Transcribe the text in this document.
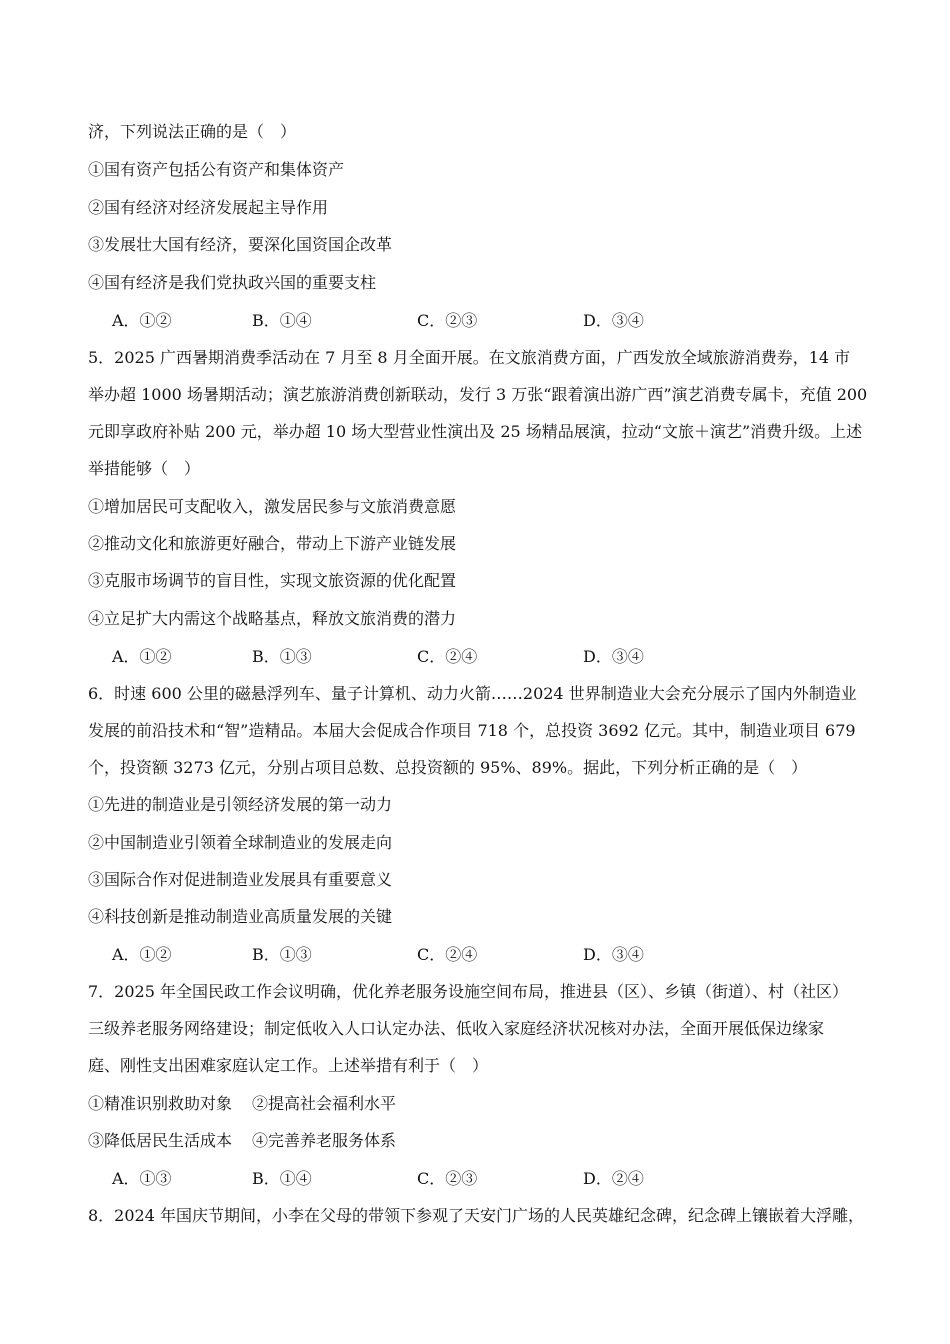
济，下列说法正确的是（　）
①国有资产包括公有资产和集体资产
②国有经济对经济发展起主导作用
③发展壮大国有经济，要深化国资国企改革
④国有经济是我们党执政兴国的重要支柱
A．①②	B．①④	C．②③	D．③④
5．2025 广西暑期消费季活动在 7 月至 8 月全面开展。在文旅消费方面，广西发放全域旅游消费券，14 市
举办超 1000 场暑期活动；演艺旅游消费创新联动，发行 3 万张“跟着演出游广西”演艺消费专属卡，充值 200
元即享政府补贴 200 元，举办超 10 场大型营业性演出及 25 场精品展演，拉动“文旅＋演艺”消费升级。上述
举措能够（　）
①增加居民可支配收入，激发居民参与文旅消费意愿
②推动文化和旅游更好融合，带动上下游产业链发展
③克服市场调节的盲目性，实现文旅资源的优化配置
④立足扩大内需这个战略基点，释放文旅消费的潜力
A．①②	B．①③	C．②④	D．③④
6．时速 600 公里的磁悬浮列车、量子计算机、动力火箭……2024 世界制造业大会充分展示了国内外制造业
发展的前沿技术和“智”造精品。本届大会促成合作项目 718 个，总投资 3692 亿元。其中，制造业项目 679
个，投资额 3273 亿元，分别占项目总数、总投资额的 95%、89%。据此，下列分析正确的是（　）
①先进的制造业是引领经济发展的第一动力
②中国制造业引领着全球制造业的发展走向
③国际合作对促进制造业发展具有重要意义
④科技创新是推动制造业高质量发展的关键
A．①②	B．①③	C．②④	D．③④
7．2025 年全国民政工作会议明确，优化养老服务设施空间布局，推进县（区）、乡镇（街道）、村（社区）
三级养老服务网络建设；制定低收入人口认定办法、低收入家庭经济状况核对办法，全面开展低保边缘家
庭、刚性支出困难家庭认定工作。上述举措有利于（　）
①精准识别救助对象 ②提高社会福利水平
③降低居民生活成本 ④完善养老服务体系
A．①③	B．①④	C．②③	D．②④
8．2024 年国庆节期间，小李在父母的带领下参观了天安门广场的人民英雄纪念碑，纪念碑上镶嵌着大浮雕，
